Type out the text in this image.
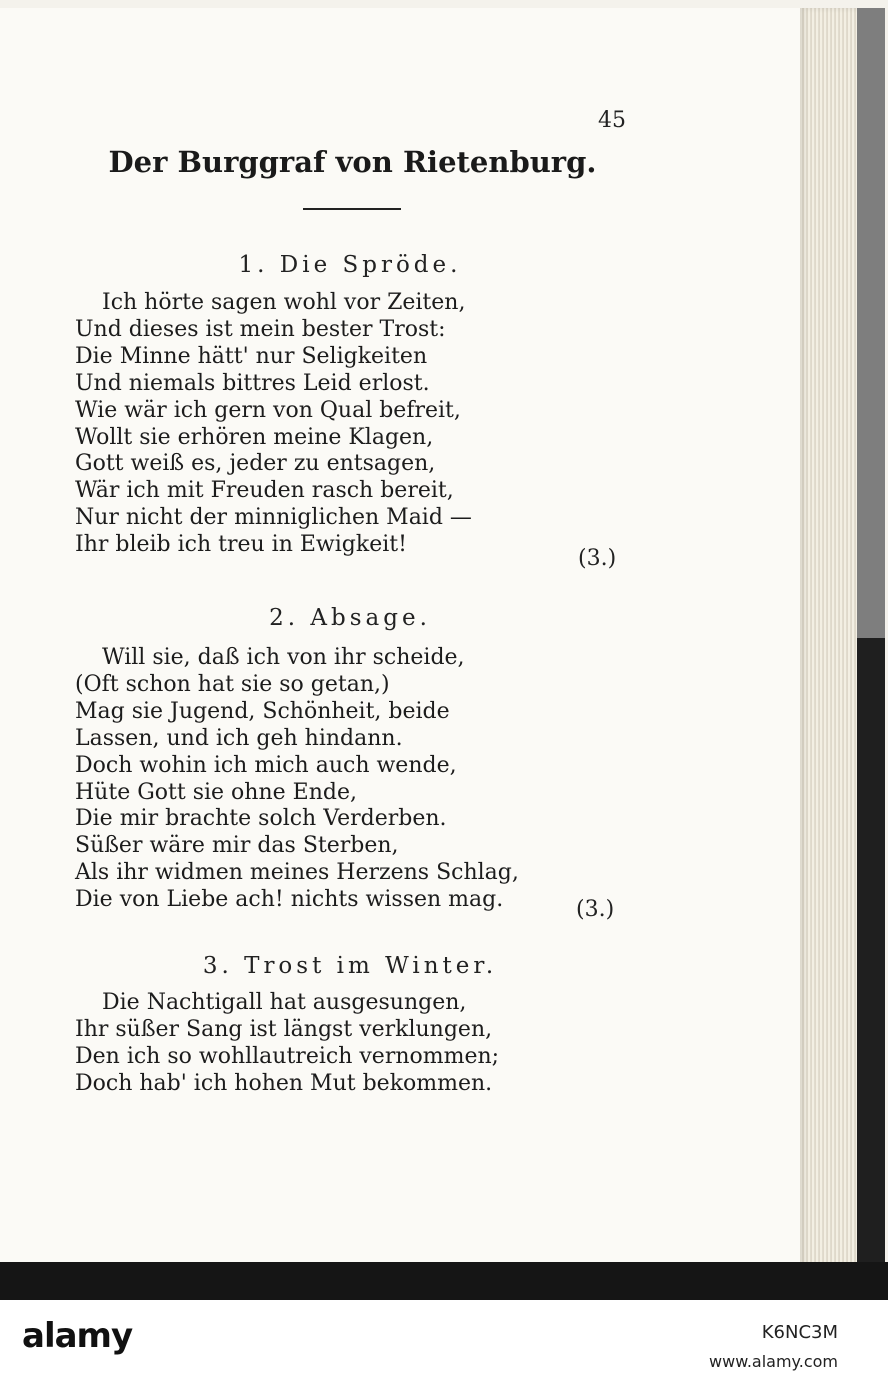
45
Der Burggraf von Rietenburg.
1. Die Spröde.
Ich hörte sagen wohl vor Zeiten,
Und dieses ist mein bester Trost:
Die Minne hätt' nur Seligkeiten
Und niemals bittres Leid erlost.
Wie wär ich gern von Qual befreit,
Wollt sie erhören meine Klagen,
Gott weiß es, jeder zu entsagen,
Wär ich mit Freuden rasch bereit,
Nur nicht der minniglichen Maid —
Ihr bleib ich treu in Ewigkeit!
(3.)
2. Absage.
Will sie, daß ich von ihr scheide,
(Oft schon hat sie so getan,)
Mag sie Jugend, Schönheit, beide
Lassen, und ich geh hindann.
Doch wohin ich mich auch wende,
Hüte Gott sie ohne Ende,
Die mir brachte solch Verderben.
Süßer wäre mir das Sterben,
Als ihr widmen meines Herzens Schlag,
Die von Liebe ach! nichts wissen mag.	(3.)
3. Trost im Winter.
Die Nachtigall hat ausgesungen,
Ihr süßer Sang ist längst verklungen,
Den ich so wohllautreich vernommen;
Doch hab' ich hohen Mut bekommen.
alamy	K6NC3M
www.alamy.com
